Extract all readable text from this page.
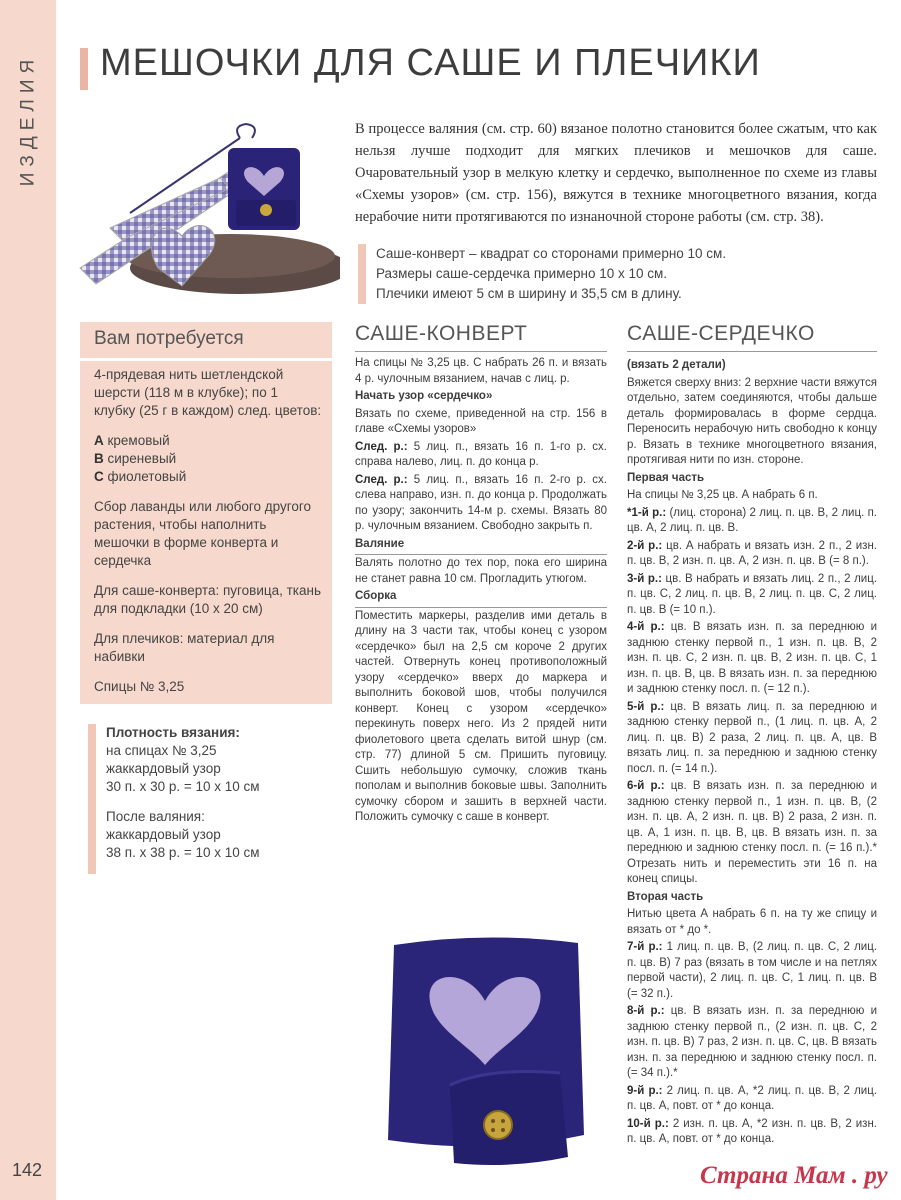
ИЗДЕЛИЯ МЕШОЧКИ ДЛЯ САШЕ И ПЛЕЧИКИ
В процессе валяния (см. стр. 60) вязаное полотно становится более сжатым, что как нельзя лучше подходит для мягких плечиков и мешочков для саше. Очаровательный узор в мелкую клетку и сердечко, выполненное по схеме из главы «Схемы узоров» (см. стр. 156), вяжутся в технике многоцветного вязания, когда нерабочие нити протягиваются по изнаночной стороне работы (см. стр. 38).
Саше-конверт – квадрат со сторонами примерно 10 см.
Размеры саше-сердечка примерно 10 х 10 см.
Плечики имеют 5 см в ширину и 35,5 см в длину.
Вам потребуется

4-прядевая нить шетлендской шерсти (118 м в клубке); по 1 клубку (25 г в каждом) след. цветов:

A кремовый
B сиреневый
C фиолетовый

Сбор лаванды или любого другого растения, чтобы наполнить мешочки в форме конверта и сердечка

Для саше-конверта: пуговица, ткань для подкладки (10 х 20 см)

Для плечиков: материал для набивки

Спицы № 3,25

Плотность вязания:
на спицах № 3,25
жаккардовый узор
30 п. х 30 р. = 10 х 10 см

После валяния:
жаккардовый узор
38 п. х 38 р. = 10 х 10 см

САШЕ-КОНВЕРТ

На спицы № 3,25 цв. С набрать 26 п. и вязать 4 р. чулочным вязанием, начав с лиц. р.

Начать узор «сердечко»

Вязать по схеме, приведенной на стр. 156 в главе «Схемы узоров»

След. р.: 5 лиц. п., вязать 16 п. 1-го р. сх. справа налево, лиц. п. до конца р.

След. р.: 5 лиц. п., вязать 16 п. 2-го р. сх. слева направо, изн. п. до конца р. Продолжать по узору; закончить 14-м р. схемы. Вязать 80 р. чулочным вязанием. Свободно закрыть п.

Валяние

Валять полотно до тех пор, пока его ширина не станет равна 10 см. Прогладить утюгом.

Сборка

Поместить маркеры, разделив ими деталь в длину на 3 части так, чтобы конец с узором «сердечко» был на 2,5 см короче 2 других частей. Отвернуть конец противоположный узору «сердечко» вверх до маркера и выполнить боковой шов, чтобы получился конверт. Конец с узором «сердечко» перекинуть поверх него. Из 2 прядей нити фиолетового цвета сделать витой шнур (см. стр. 77) длиной 5 см. Пришить пуговицу. Сшить небольшую сумочку, сложив ткань пополам и выполнив боковые швы. Заполнить сумочку сбором и зашить в верхней части. Положить сумочку с саше в конверт.

САШЕ-СЕРДЕЧКО

(вязать 2 детали)

Вяжется сверху вниз: 2 верхние части вяжутся отдельно, затем соединяются, чтобы дальше деталь формировалась в форме сердца. Переносить нерабочую нить свободно к концу р. Вязать в технике многоцветного вязания, протягивая нити по изн. стороне.

Первая часть

На спицы № 3,25 цв. А набрать 6 п.

*1-й р.: (лиц. сторона) 2 лиц. п. цв. В, 2 лиц. п. цв. А, 2 лиц. п. цв. В.

2-й р.: цв. А набрать и вязать изн. 2 п., 2 изн. п. цв. В, 2 изн. п. цв. А, 2 изн. п. цв. В (= 8 п.).

3-й р.: цв. В набрать и вязать лиц. 2 п., 2 лиц. п. цв. С, 2 лиц. п. цв. В, 2 лиц. п. цв. С, 2 лиц. п. цв. В (= 10 п.).

4-й р.: цв. В вязать изн. п. за переднюю и заднюю стенку первой п., 1 изн. п. цв. В, 2 изн. п. цв. С, 2 изн. п. цв. В, 2 изн. п. цв. С, 1 изн. п. цв. В, цв. В вязать изн. п. за переднюю и заднюю стенку посл. п. (= 12 п.).

5-й р.: цв. В вязать лиц. п. за переднюю и заднюю стенку первой п., (1 лиц. п. цв. А, 2 лиц. п. цв. В) 2 раза, 2 лиц. п. цв. А, цв. В вязать лиц. п. за переднюю и заднюю стенку посл. п. (= 14 п.).

6-й р.: цв. В вязать изн. п. за переднюю и заднюю стенку первой п., 1 изн. п. цв. В, (2 изн. п. цв. А, 2 изн. п. цв. В) 2 раза, 2 изн. п. цв. А, 1 изн. п. цв. В, цв. В вязать изн. п. за переднюю и заднюю стенку посл. п. (= 16 п.).* Отрезать нить и переместить эти 16 п. на конец спицы.

Вторая часть

Нитью цвета А набрать 6 п. на ту же спицу и вязать от * до *.

7-й р.: 1 лиц. п. цв. В, (2 лиц. п. цв. С, 2 лиц. п. цв. В) 7 раз (вязать в том числе и на петлях первой части), 2 лиц. п. цв. С, 1 лиц. п. цв. В (= 32 п.).

8-й р.: цв. В вязать изн. п. за переднюю и заднюю стенку первой п., (2 изн. п. цв. С, 2 изн. п. цв. В) 7 раз, 2 изн. п. цв. С, цв. В вязать изн. п. за переднюю и заднюю стенку посл. п. (= 34 п.).*

9-й р.: 2 лиц. п. цв. А, *2 лиц. п. цв. В, 2 лиц. п. цв. А, повт. от * до конца.

10-й р.: 2 изн. п. цв. А, *2 изн. п. цв. В, 2 изн. п. цв. А, повт. от * до конца.

142	Страна Мам . ру
